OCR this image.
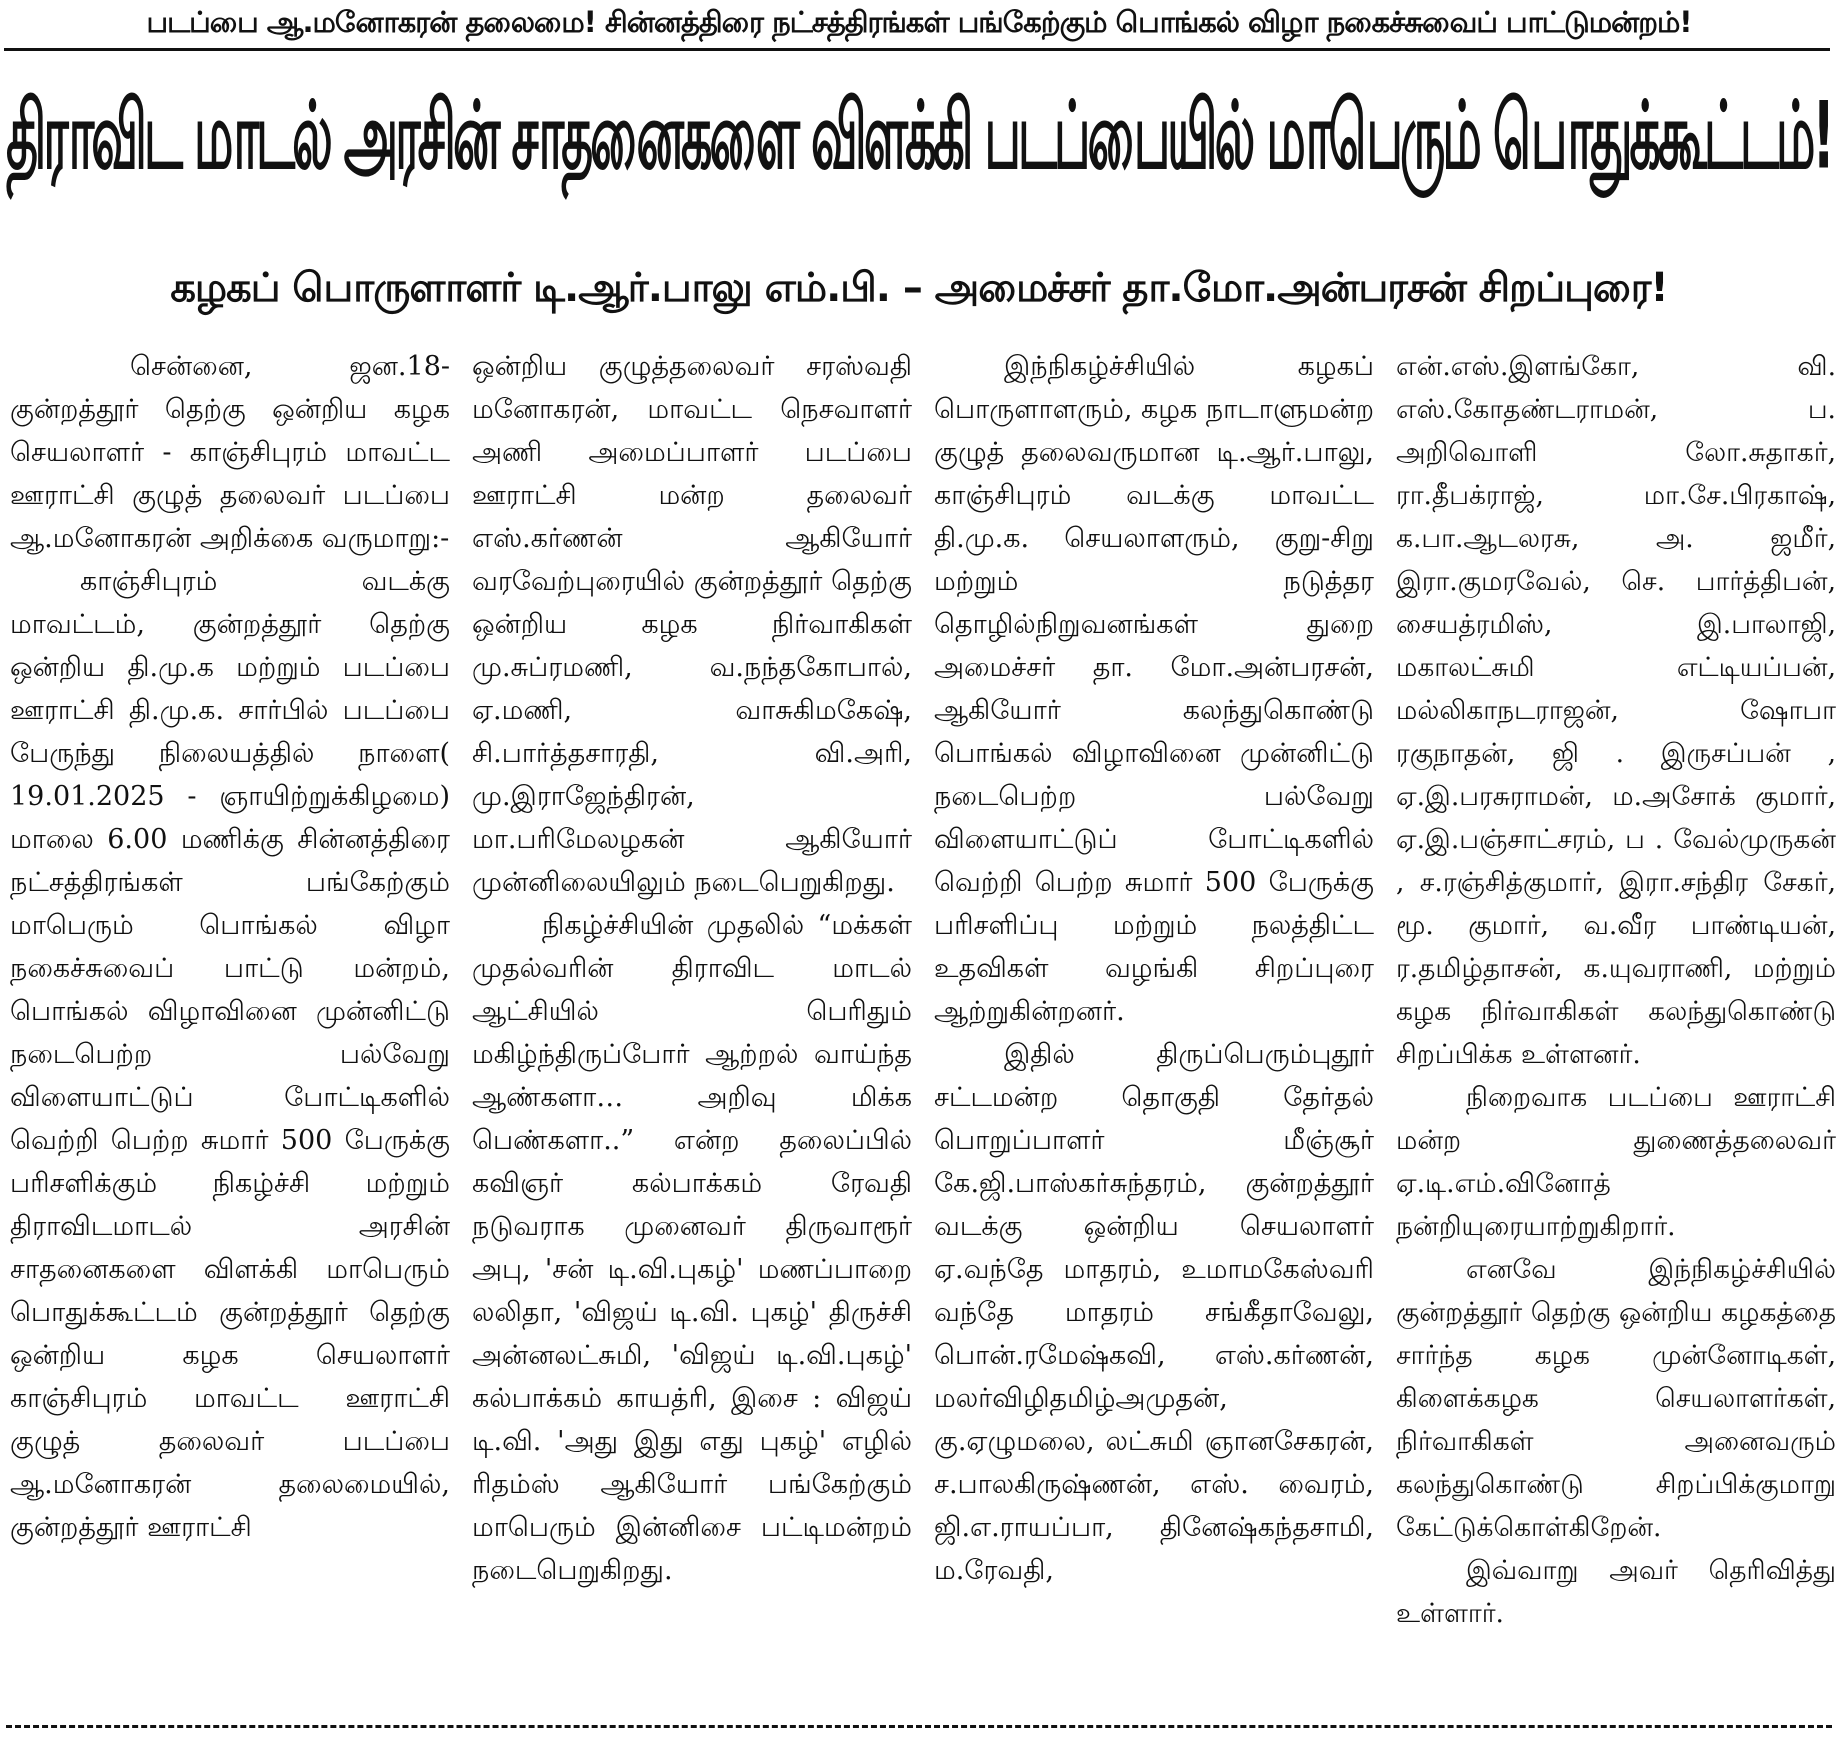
படப்பை ஆ.மனோகரன் தலைமை! சின்னத்திரை நட்சத்திரங்கள் பங்கேற்கும் பொங்கல் விழா நகைச்சுவைப் பாட்டுமன்றம்!
திராவிட மாடல் அரசின் சாதனைகளை விளக்கி படப்பையில் மாபெரும் பொதுக்கூட்டம்!
கழகப் பொருளாளர் டி.ஆர்.பாலு எம்.பி. – அமைச்சர் தா.மோ.அன்பரசன் சிறப்புரை!

சென்னை, ஜன.18- குன்றத்தூர் தெற்கு ஒன்றிய கழக செயலாளர் - காஞ்சிபுரம் மாவட்ட ஊராட்சி குழுத் தலைவர் படப்பை ஆ.மனோகரன் அறிக்கை வருமாறு:-

காஞ்சிபுரம் வடக்கு மாவட்டம், குன்றத்தூர் தெற்கு ஒன்றிய தி.மு.க மற்றும் படப்பை ஊராட்சி தி.மு.க. சார்பில் படப்பை பேருந்து நிலையத்தில் நாளை( 19.01.2025 - ஞாயிற்றுக்கிழமை) மாலை 6.00 மணிக்கு சின்னத்திரை நட்சத்திரங்கள் பங்கேற்கும் மாபெரும் பொங்கல் விழா நகைச்சுவைப் பாட்டு மன்றம், பொங்கல் விழாவினை முன்னிட்டு நடைபெற்ற பல்வேறு விளையாட்டுப் போட்டிகளில் வெற்றி பெற்ற சுமார் 500 பேருக்கு பரிசளிக்கும் நிகழ்ச்சி மற்றும் திராவிடமாடல் அரசின் சாதனைகளை விளக்கி மாபெரும் பொதுக்கூட்டம் குன்றத்தூர் தெற்கு ஒன்றிய கழக செயலாளர் காஞ்சிபுரம் மாவட்ட ஊராட்சி குழுத் தலைவர் படப்பை ஆ.மனோகரன் தலைமையில், குன்றத்தூர் ஊராட்சி

ஒன்றிய குழுத்தலைவர் சரஸ்வதி மனோகரன், மாவட்ட நெசவாளர் அணி அமைப்பாளர் படப்பை ஊராட்சி மன்ற தலைவர் எஸ்.கர்ணன் ஆகியோர் வரவேற்புரையில் குன்றத்தூர் தெற்கு ஒன்றிய கழக நிர்வாகிகள் மு.சுப்ரமணி, வ.நந்தகோபால், ஏ.மணி, வாசுகிமகேஷ், சி.பார்த்தசாரதி, வி.அரி, மு.இராஜேந்திரன், மா.பரிமேலழகன் ஆகியோர் முன்னிலையிலும் நடைபெறுகிறது.

நிகழ்ச்சியின் முதலில் “மக்கள் முதல்வரின் திராவிட மாடல் ஆட்சியில் பெரிதும் மகிழ்ந்திருப்போர் ஆற்றல் வாய்ந்த ஆண்களா… அறிவு மிக்க பெண்களா..” என்ற தலைப்பில் கவிஞர் கல்பாக்கம் ரேவதி நடுவராக முனைவர் திருவாரூர் அபு, 'சன் டி.வி.புகழ்' மணப்பாறை லலிதா, 'விஜய் டி.வி. புகழ்' திருச்சி அன்னலட்சுமி, 'விஜய் டி.வி.புகழ்' கல்பாக்கம் காயத்ரி, இசை : விஜய் டி.வி. 'அது இது எது புகழ்' எழில் ரிதம்ஸ் ஆகியோர் பங்கேற்கும் மாபெரும் இன்னிசை பட்டிமன்றம் நடைபெறுகிறது.

இந்நிகழ்ச்சியில் கழகப் பொருளாளரும், கழக நாடாளுமன்ற குழுத் தலைவருமான டி.ஆர்.பாலு, காஞ்சிபுரம் வடக்கு மாவட்ட தி.மு.க. செயலாளரும், குறு-சிறு மற்றும் நடுத்தர தொழில்நிறுவனங்கள் துறை அமைச்சர் தா. மோ.அன்பரசன், ஆகியோர் கலந்துகொண்டு பொங்கல் விழாவினை முன்னிட்டு நடைபெற்ற பல்வேறு விளையாட்டுப் போட்டிகளில் வெற்றி பெற்ற சுமார் 500 பேருக்கு பரிசளிப்பு மற்றும் நலத்திட்ட உதவிகள் வழங்கி சிறப்புரை ஆற்றுகின்றனர்.

இதில் திருப்பெரும்புதூர் சட்டமன்ற தொகுதி தேர்தல் பொறுப்பாளர் மீஞ்சூர் கே.ஜி.பாஸ்கர்சுந்தரம், குன்றத்தூர் வடக்கு ஒன்றிய செயலாளர் ஏ.வந்தே மாதரம், உமாமகேஸ்வரி வந்தே மாதரம் சங்கீதாவேலு, பொன்.ரமேஷ்கவி, எஸ்.கர்ணன், மலர்விழிதமிழ்அமுதன், கு.ஏழுமலை, லட்சுமி ஞானசேகரன், ச.பாலகிருஷ்ணன், எஸ். வைரம், ஜி.எ.ராயப்பா, தினேஷ்கந்தசாமி, ம.ரேவதி,

என்.எஸ்.இளங்கோ, வி. எஸ்.கோதண்டராமன், ப. அறிவொளி லோ.சுதாகர், ரா.தீபக்ராஜ், மா.சே.பிரகாஷ், க.பா.ஆடலரசு, அ. ஜமீர், இரா.குமரவேல், செ. பார்த்திபன், சையத்ரமிஸ், இ.பாலாஜி, மகாலட்சுமி எட்டியப்பன், மல்லிகாநடராஜன், ஷோபா ரகுநாதன், ஜி . இருசப்பன் , ஏ.இ.பரசுராமன், ம.அசோக் குமார், ஏ.இ.பஞ்சாட்சரம், ப . வேல்முருகன் , ச.ரஞ்சித்குமார், இரா.சந்திர சேகர், மூ. குமார், வ.வீர பாண்டியன், ர.தமிழ்தாசன், க.யுவராணி, மற்றும் கழக நிர்வாகிகள் கலந்துகொண்டு சிறப்பிக்க உள்ளனர்.

நிறைவாக படப்பை ஊராட்சி மன்ற துணைத்தலைவர் ஏ.டி.எம்.வினோத் நன்றியுரையாற்றுகிறார்.

எனவே இந்நிகழ்ச்சியில் குன்றத்தூர் தெற்கு ஒன்றிய கழகத்தை சார்ந்த கழக முன்னோடிகள், கிளைக்கழக செயலாளர்கள், நிர்வாகிகள் அனைவரும் கலந்துகொண்டு சிறப்பிக்குமாறு கேட்டுக்கொள்கிறேன்.

இவ்வாறு அவர் தெரிவித்து உள்ளார்.
